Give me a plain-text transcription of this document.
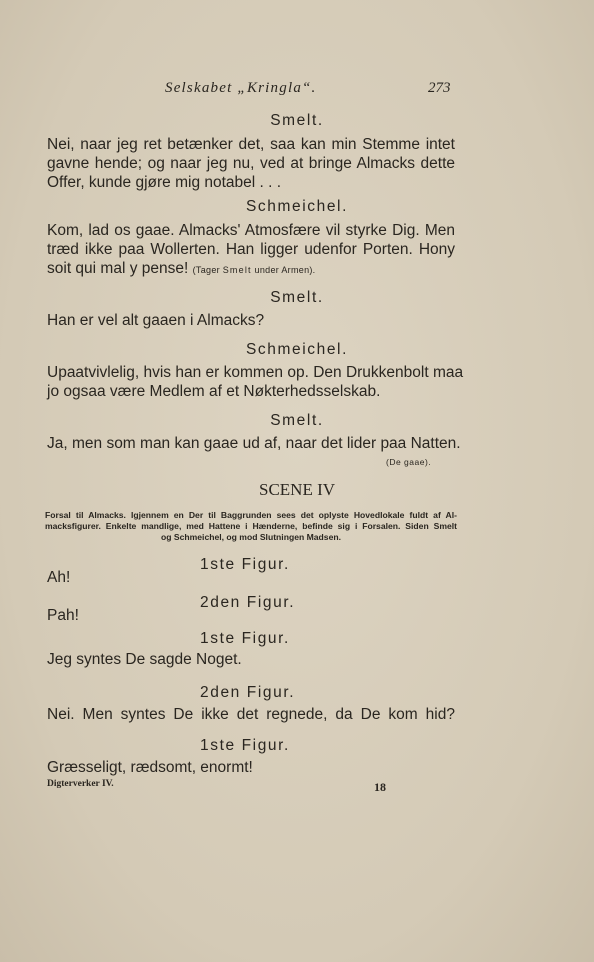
Selskabet „Kringla“.	273
Smelt.
Nei, naar jeg ret betænker det, saa kan min Stemme intet
gavne hende; og naar jeg nu, ved at bringe Almacks dette
Offer, kunde gjøre mig notabel . . .
Schmeichel.
Kom, lad os gaae. Almacks' Atmosfære vil styrke Dig. Men
træd ikke paa Wollerten. Han ligger udenfor Porten. Hony
soit qui mal y pense! (Tager Smelt under Armen).
Smelt.
Han er vel alt gaaen i Almacks?
Schmeichel.
Upaatvivlelig, hvis han er kommen op. Den Drukkenbolt maa
jo ogsaa være Medlem af et Nøkterhedsselskab.
Smelt.
Ja, men som man kan gaae ud af, naar det lider paa Natten.
(De gaae).
SCENE IV
Forsal til Almacks. Igjennem en Der til Baggrunden sees det oplyste Hovedlokale fuldt af Al-
macksfigurer. Enkelte mandlige, med Hattene i Hænderne, befinde sig i Forsalen. Siden Smelt
og Schmeichel, og mod Slutningen Madsen.
1ste Figur.
Ah!
2den Figur.
Pah!
1ste Figur.
Jeg syntes De sagde Noget.
2den Figur.
Nei. Men syntes De ikke det regnede, da De kom hid?
1ste Figur.
Græsseligt, rædsomt, enormt!
Digterverker IV.	18
